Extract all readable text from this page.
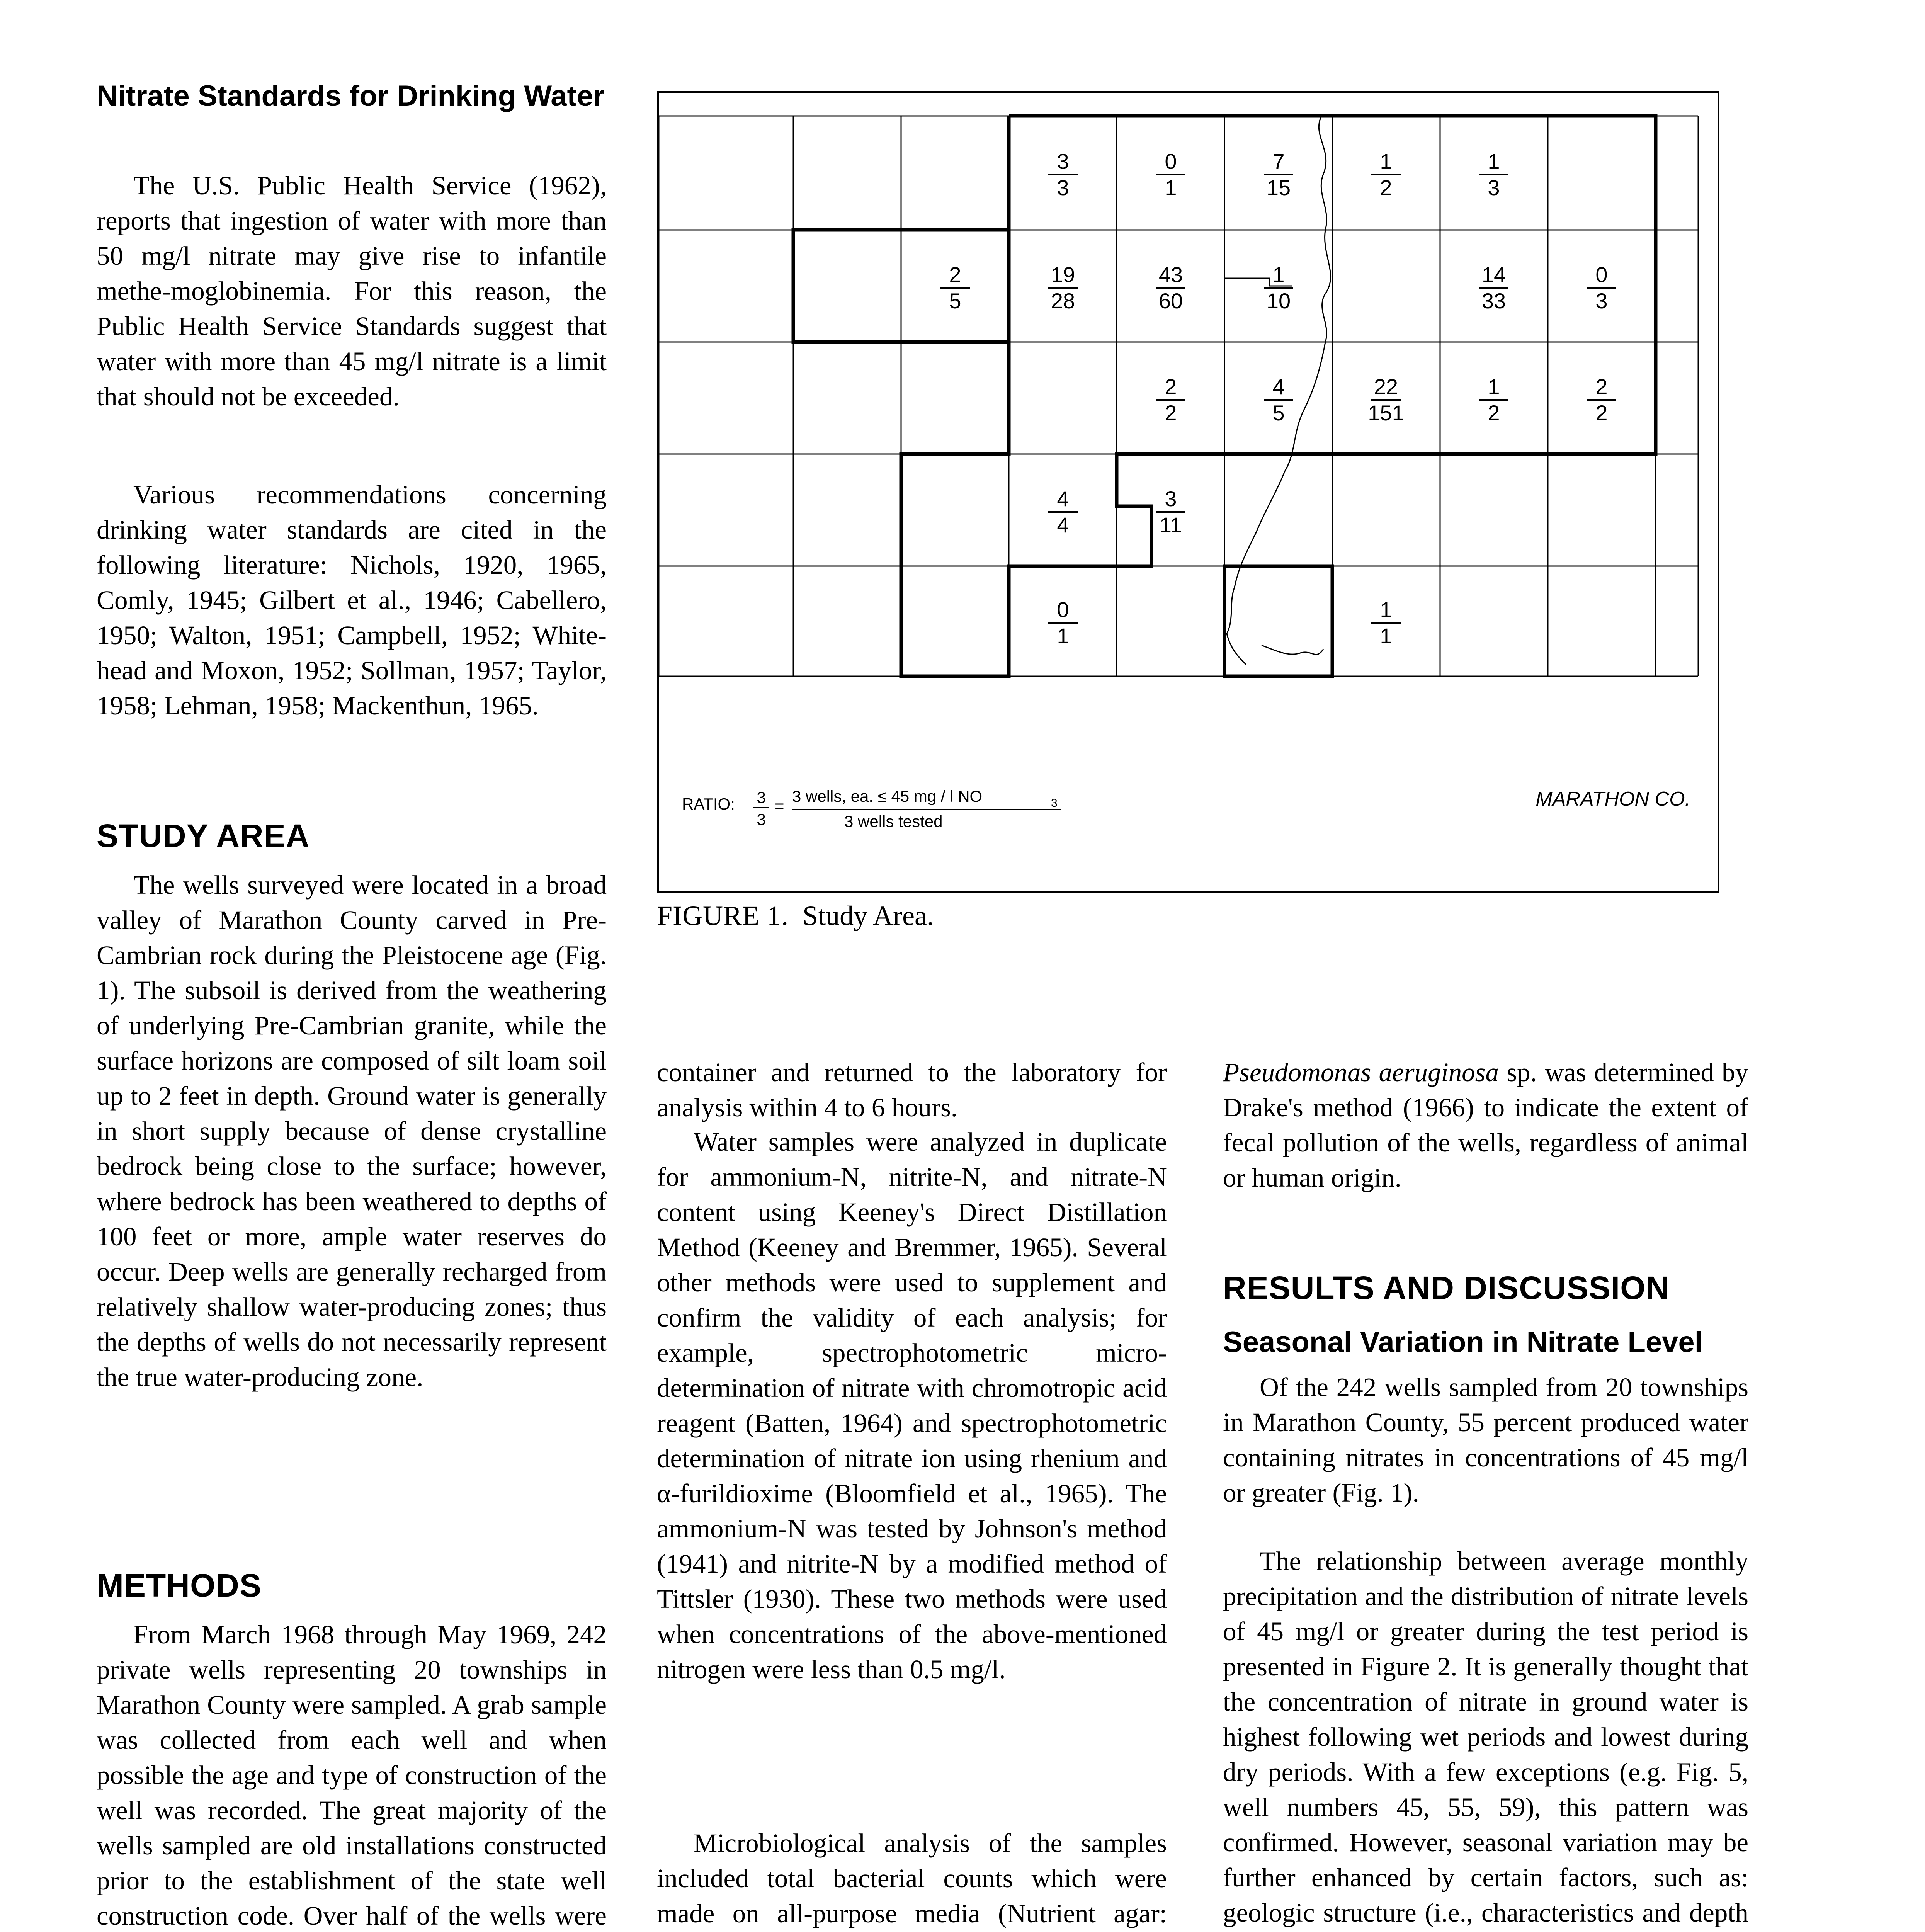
Nitrate Standards for Drinking Water

The U.S. Public Health Service (1962), reports that ingestion of water with more than 50 mg/l nitrate may give rise to infantile methe-moglobinemia. For this reason, the Public Health Service Standards suggest that water with more than 45 mg/l nitrate is a limit that should not be exceeded.

Various recommendations concerning drinking water standards are cited in the following literature: Nichols, 1920, 1965, Comly, 1945; Gilbert et al., 1946; Cabellero, 1950; Walton, 1951; Campbell, 1952; White-head and Moxon, 1952; Sollman, 1957; Taylor, 1958; Lehman, 1958; Mackenthun, 1965.

STUDY AREA

The wells surveyed were located in a broad valley of Marathon County carved in Pre-Cambrian rock during the Pleistocene age (Fig. 1). The subsoil is derived from the weathering of underlying Pre-Cambrian granite, while the surface horizons are composed of silt loam soil up to 2 feet in depth. Ground water is generally in short supply because of dense crystalline bedrock being close to the surface; however, where bedrock has been weathered to depths of 100 feet or more, ample water reserves do occur. Deep wells are generally recharged from relatively shallow water-producing zones; thus the depths of wells do not necessarily represent the true water-producing zone.

METHODS

From March 1968 through May 1969, 242 private wells representing 20 townships in Marathon County were sampled. A grab sample was collected from each well and when possible the age and type of construction of the well was recorded. The great majority of the wells sampled are old installations constructed prior to the establishment of the state well construction code. Over half of the wells were

3
3
0
1
7
15
1
2
1
3
2
5
19
28
43
60
1
10
14
33
0
3
2
2
4
5
22
151
1
2
2
2
4
4
3
11
0
1
1
1
RATIO: 3
3
=
3 wells, ea. ≤ 45 mg / l NO	3
3 wells tested
MARATHON CO.

FIGURE 1. Study Area.

container and returned to the laboratory for analysis within 4 to 6 hours.

Water samples were analyzed in duplicate for ammonium-N, nitrite-N, and nitrate-N content using Keeney's Direct Distillation Method (Keeney and Bremmer, 1965). Several other methods were used to supplement and confirm the validity of each analysis; for example, spectrophotometric micro-determination of nitrate with chromotropic acid reagent (Batten, 1964) and spectrophotometric determination of nitrate ion using rhenium and α-furildioxime (Bloomfield et al., 1965). The ammonium-N was tested by Johnson's method (1941) and nitrite-N by a modified method of Tittsler (1930). These two methods were used when concentrations of the above-mentioned nitrogen were less than 0.5 mg/l.

Microbiological analysis of the samples included total bacterial counts which were made on all-purpose media (Nutrient agar:

Pseudomonas aeruginosa sp. was determined by Drake's method (1966) to indicate the extent of fecal pollution of the wells, regardless of animal or human origin.

RESULTS AND DISCUSSION
Seasonal Variation in Nitrate Level

Of the 242 wells sampled from 20 townships in Marathon County, 55 percent produced water containing nitrates in concentrations of 45 mg/l or greater (Fig. 1).

The relationship between average monthly precipitation and the distribution of nitrate levels of 45 mg/l or greater during the test period is presented in Figure 2. It is generally thought that the concentration of nitrate in ground water is highest following wet periods and lowest during dry periods. With a few exceptions (e.g. Fig. 5, well numbers 45, 55, 59), this pattern was confirmed. However, seasonal variation may be further enhanced by certain factors, such as: geologic structure (i.e., characteristics and depth
